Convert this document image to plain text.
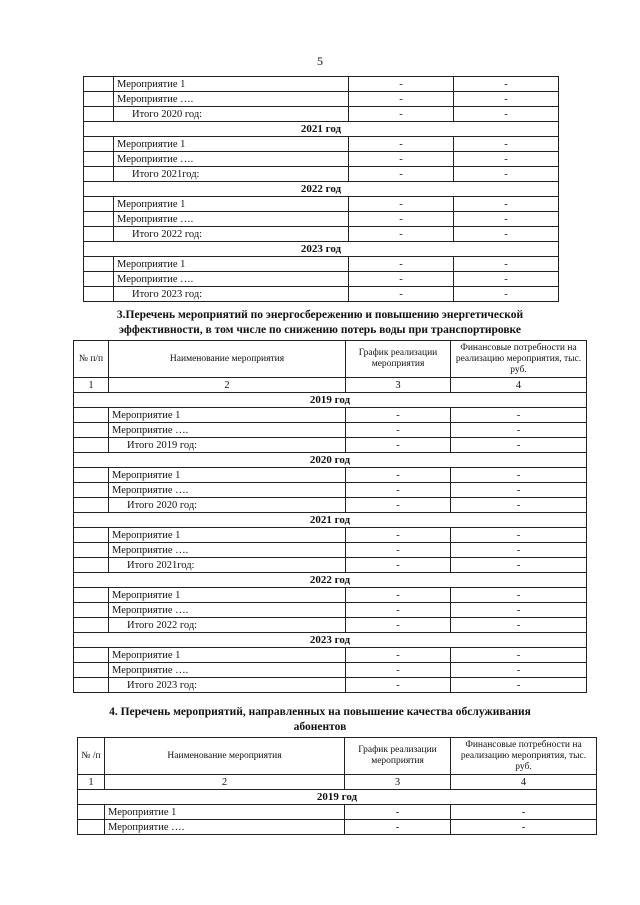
5
	Мероприятие 1	-	-
	Мероприятие ….	-	-
	Итого 2020 год:	-	-
2021 год			
	Мероприятие 1	-	-
	Мероприятие ….	-	-
	Итого 2021год:	-	-
2022 год			
	Мероприятие 1	-	-
	Мероприятие ….	-	-
	Итого 2022 год:	-	-
2023 год			
	Мероприятие 1	-	-
	Мероприятие ….	-	-
	Итого 2023 год:	-	-
3.Перечень мероприятий по энергосбережению и повышению энергетической
эффективности, в том числе по снижению потерь воды при транспортировке
№ п/п	Наименование мероприятия	График реализации мероприятия	Финансовые потребности на реализацию мероприятия, тыс. руб.
1	2	3	4
2019 год			
	Мероприятие 1	-	-
	Мероприятие ….	-	-
	Итого 2019 год:	-	-
2020 год			
	Мероприятие 1	-	-
	Мероприятие ….	-	-
	Итого 2020 год:	-	-
2021 год			
	Мероприятие 1	-	-
	Мероприятие ….	-	-
	Итого 2021год:	-	-
2022 год			
	Мероприятие 1	-	-
	Мероприятие ….	-	-
	Итого 2022 год:	-	-
2023 год			
	Мероприятие 1	-	-
	Мероприятие ….	-	-
	Итого 2023 год:	-	-
4. Перечень мероприятий, направленных на повышение качества обслуживания
абонентов
№ /п	Наименование мероприятия	График реализации мероприятия	Финансовые потребности на реализацию мероприятия, тыс. руб.
1	2	3	4
2019 год			
	Мероприятие 1	-	-
	Мероприятие ….	-	-
